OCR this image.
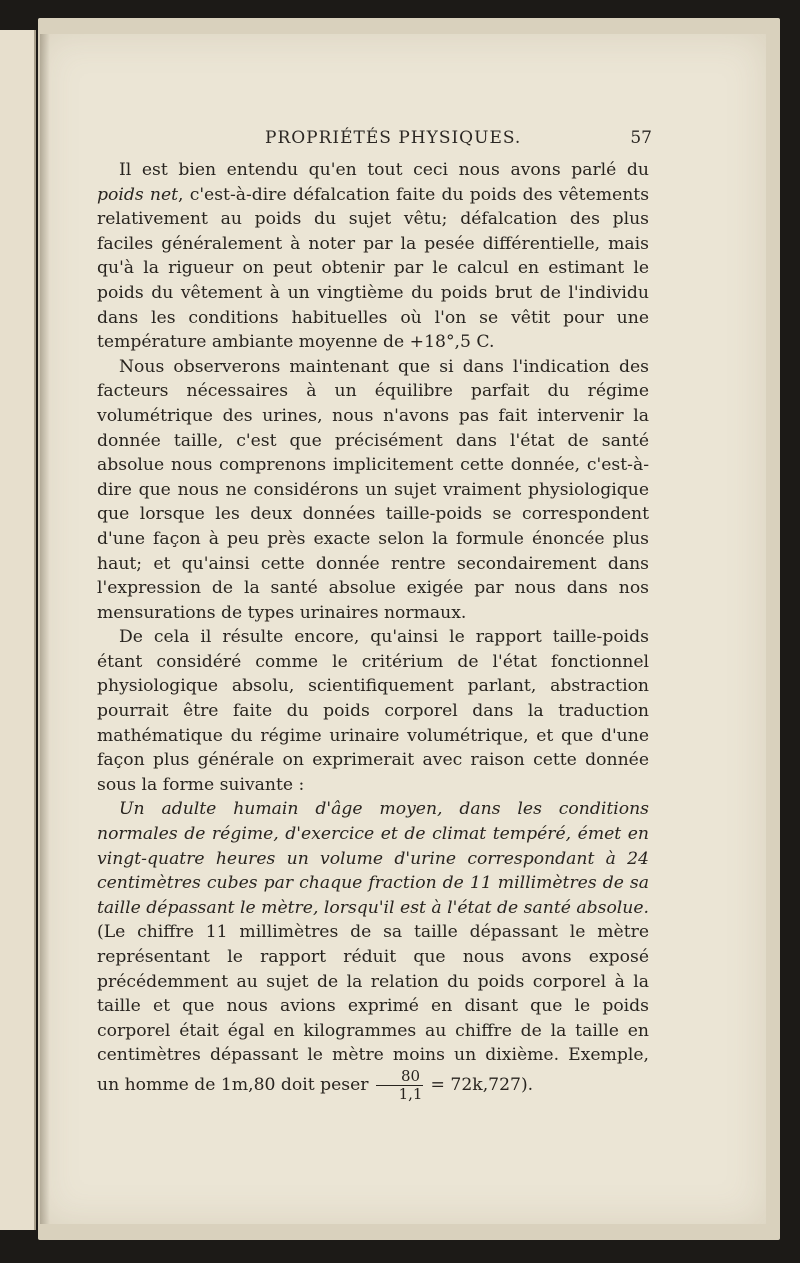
PROPRIÉTÉS PHYSIQUES.	57

Il est bien entendu qu'en tout ceci nous avons parlé du poids net, c'est-à-dire défalcation faite du poids des vêtements relativement au poids du sujet vêtu; défalcation des plus faciles généralement à noter par la pesée différentielle, mais qu'à la rigueur on peut obtenir par le calcul en estimant le poids du vêtement à un vingtième du poids brut de l'individu dans les conditions habituelles où l'on se vêtit pour une température ambiante moyenne de +18°,5 C.

Nous observerons maintenant que si dans l'indication des facteurs nécessaires à un équilibre parfait du régime volumétrique des urines, nous n'avons pas fait intervenir la donnée taille, c'est que précisément dans l'état de santé absolue nous comprenons implicitement cette donnée, c'est-à-dire que nous ne considérons un sujet vraiment physiologique que lorsque les deux données taille-poids se correspondent d'une façon à peu près exacte selon la formule énoncée plus haut; et qu'ainsi cette donnée rentre secondairement dans l'expression de la santé absolue exigée par nous dans nos mensurations de types urinaires normaux.

De cela il résulte encore, qu'ainsi le rapport taille-poids étant considéré comme le critérium de l'état fonctionnel physiologique absolu, scientifiquement parlant, abstraction pourrait être faite du poids corporel dans la traduction mathématique du régime urinaire volumétrique, et que d'une façon plus générale on exprimerait avec raison cette donnée sous la forme suivante :

Un adulte humain d'âge moyen, dans les conditions normales de régime, d'exercice et de climat tempéré, émet en vingt-quatre heures un volume d'urine correspondant à 24 centimètres cubes par chaque fraction de 11 millimètres de sa taille dépassant le mètre, lorsqu'il est à l'état de santé absolue. (Le chiffre 11 millimètres de sa taille dépassant le mètre représentant le rapport réduit que nous avons exposé précédemment au sujet de la relation du poids corporel à la taille et que nous avions exprimé en disant que le poids corporel était égal en kilogrammes au chiffre de la taille en centimètres dépassant le mètre moins un dixième. Exemple, un homme de 1m,80 doit peser $\frac{80}{1,1} = 72k,727$).
